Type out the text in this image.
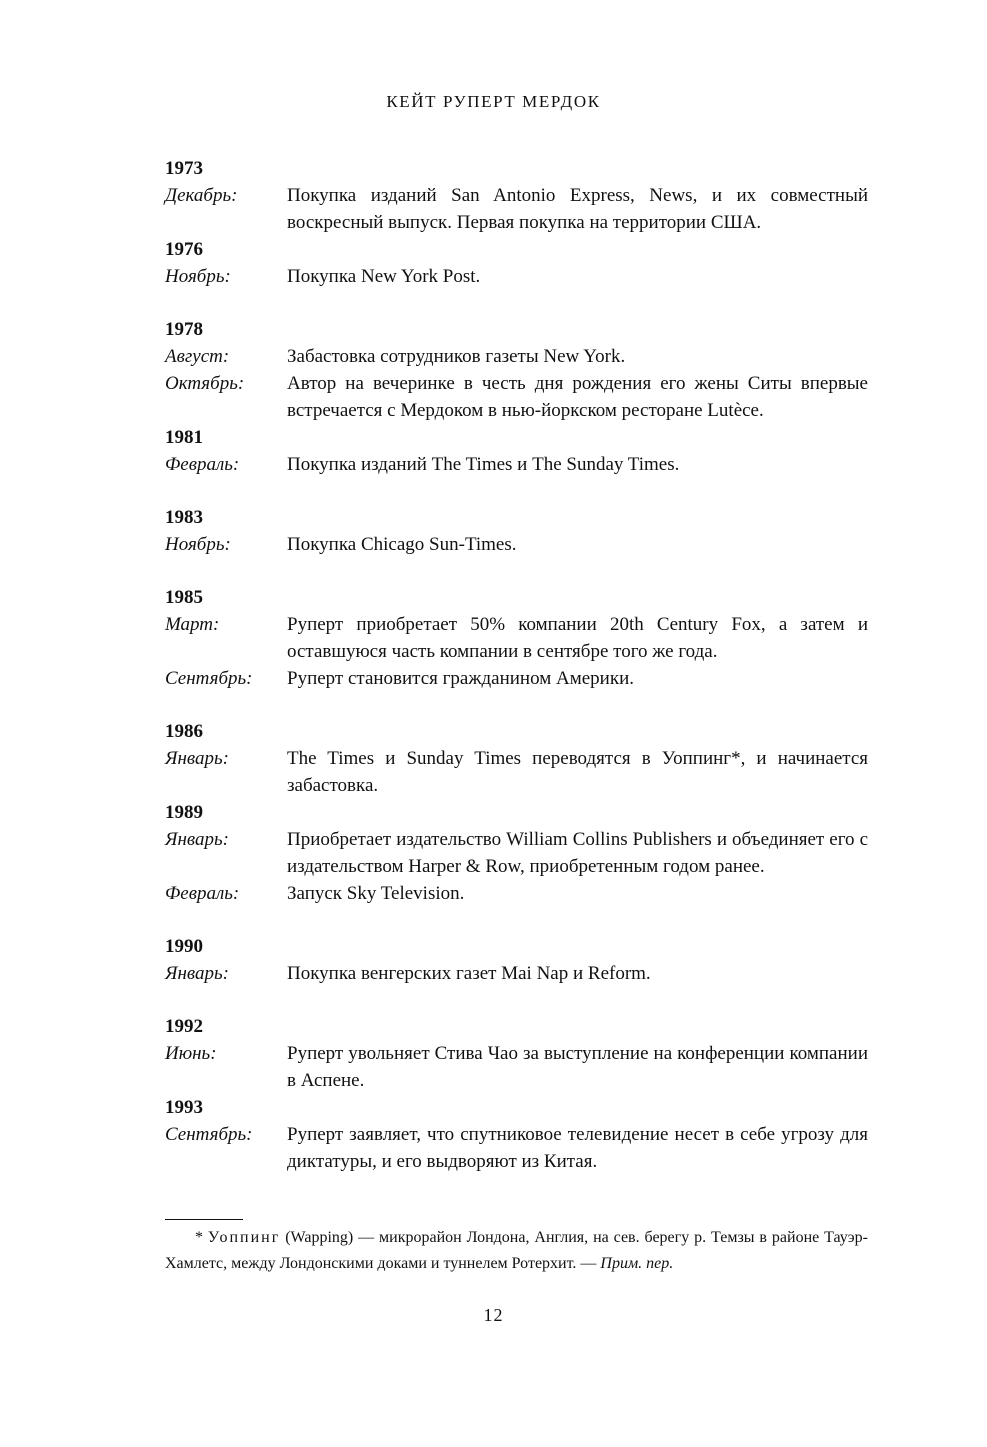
КЕЙТ РУПЕРТ МЕРДОК
1973
Декабрь:	Покупка изданий San Antonio Express, News, и их совместный воскресный выпуск. Первая покупка на территории США.
1976
Ноябрь:	Покупка New York Post.
1978
Август:	Забастовка сотрудников газеты New York.
Октябрь:	Автор на вечеринке в честь дня рождения его жены Ситы впервые встречается с Мердоком в нью-йоркском ресторане Lutèce.
1981
Февраль:	Покупка изданий The Times и The Sunday Times.
1983
Ноябрь:	Покупка Chicago Sun-Times.
1985
Март:	Руперт приобретает 50% компании 20th Century Fox, а затем и оставшуюся часть компании в сентябре того же года.
Сентябрь:	Руперт становится гражданином Америки.
1986
Январь:	The Times и Sunday Times переводятся в Уоппинг*, и начинается забастовка.
1989
Январь:	Приобретает издательство William Collins Publishers и объединяет его с издательством Harper & Row, приобретенным годом ранее.
Февраль:	Запуск Sky Television.
1990
Январь:	Покупка венгерских газет Mai Nap и Reform.
1992
Июнь:	Руперт увольняет Стива Чао за выступление на конференции компании в Аспене.
1993
Сентябрь:	Руперт заявляет, что спутниковое телевидение несет в себе угрозу для диктатуры, и его выдворяют из Китая.
* Уоппинг (Wapping) — микрорайон Лондона, Англия, на сев. берегу р. Темзы в районе Тауэр-Хамлетс, между Лондонскими доками и туннелем Ротерхит. — Прим. пер.
12
